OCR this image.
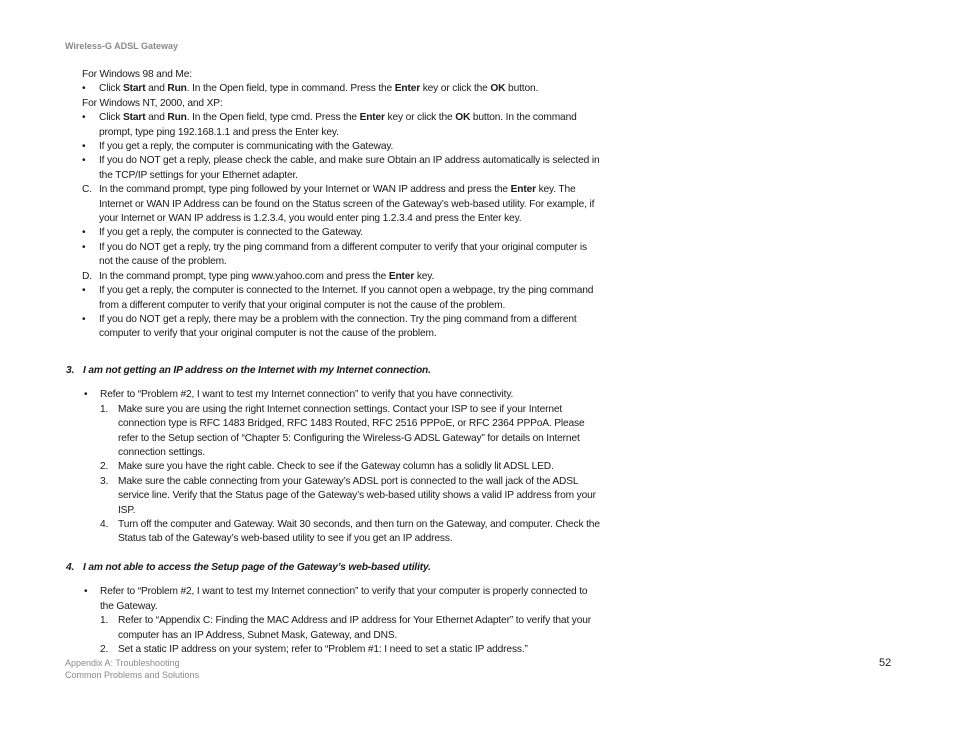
Wireless-G ADSL Gateway

For Windows 98 and Me:

• Click Start and Run. In the Open field, type in command. Press the Enter key or click the OK button.

For Windows NT, 2000, and XP:

• Click Start and Run. In the Open field, type cmd. Press the Enter key or click the OK button. In the command prompt, type ping 192.168.1.1 and press the Enter key.

• If you get a reply, the computer is communicating with the Gateway.

• If you do NOT get a reply, please check the cable, and make sure Obtain an IP address automatically is selected in the TCP/IP settings for your Ethernet adapter.

C. In the command prompt, type ping followed by your Internet or WAN IP address and press the Enter key. The Internet or WAN IP Address can be found on the Status screen of the Gateway’s web-based utility. For example, if your Internet or WAN IP address is 1.2.3.4, you would enter ping 1.2.3.4 and press the Enter key.

• If you get a reply, the computer is connected to the Gateway.

• If you do NOT get a reply, try the ping command from a different computer to verify that your original computer is not the cause of the problem.

D. In the command prompt, type ping www.yahoo.com and press the Enter key.

• If you get a reply, the computer is connected to the Internet. If you cannot open a webpage, try the ping command from a different computer to verify that your original computer is not the cause of the problem.

• If you do NOT get a reply, there may be a problem with the connection. Try the ping command from a different computer to verify that your original computer is not the cause of the problem.

3. I am not getting an IP address on the Internet with my Internet connection.

• Refer to “Problem #2, I want to test my Internet connection” to verify that you have connectivity.

1. Make sure you are using the right Internet connection settings. Contact your ISP to see if your Internet connection type is RFC 1483 Bridged, RFC 1483 Routed, RFC 2516 PPPoE, or RFC 2364 PPPoA. Please refer to the Setup section of “Chapter 5: Configuring the Wireless-G ADSL Gateway” for details on Internet connection settings.

2. Make sure you have the right cable. Check to see if the Gateway column has a solidly lit ADSL LED.

3. Make sure the cable connecting from your Gateway’s ADSL port is connected to the wall jack of the ADSL service line. Verify that the Status page of the Gateway’s web-based utility shows a valid IP address from your ISP.

4. Turn off the computer and Gateway. Wait 30 seconds, and then turn on the Gateway, and computer. Check the Status tab of the Gateway’s web-based utility to see if you get an IP address.

4. I am not able to access the Setup page of the Gateway’s web-based utility.

• Refer to “Problem #2, I want to test my Internet connection” to verify that your computer is properly connected to the Gateway.

1. Refer to “Appendix C: Finding the MAC Address and IP address for Your Ethernet Adapter” to verify that your computer has an IP Address, Subnet Mask, Gateway, and DNS.

2. Set a static IP address on your system; refer to “Problem #1: I need to set a static IP address.”

Appendix A: Troubleshooting
Common Problems and Solutions
52
